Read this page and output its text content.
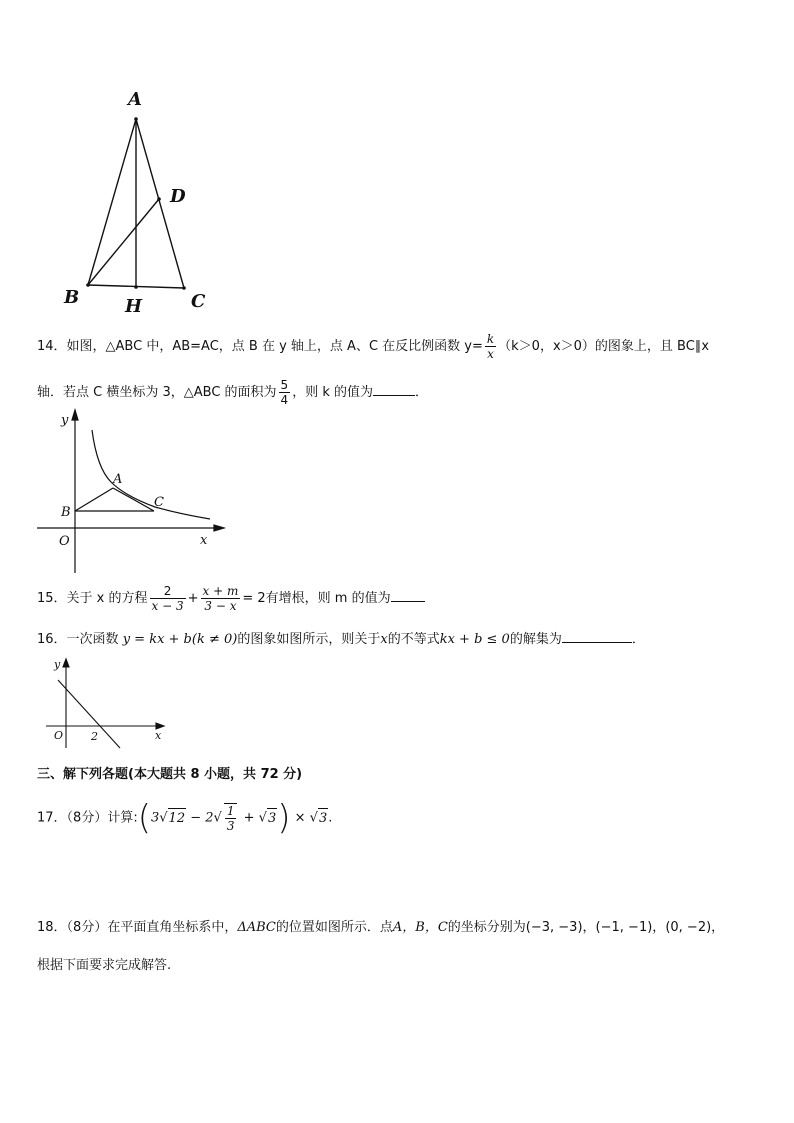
A
D
B	H	C
14．如图，△ABC 中，AB=AC，点 B 在 y 轴上，点 A、C 在反比例函数 $y= \frac{k}{x} (k>0$，x＞0）的图象上，且 BC∥x
轴．若点 C 横坐标为 3，△ABC 的面积为 $\frac{5}{4}$ ，则 k 的值为	．
y
A
C
B
O	x
15．关于 x 的方程 $\frac{2}{x - 3} + \frac{x + m}{3 - x} = 2$有增根，则 m 的值为
16．一次函数 y = kx + b(k ≠ 0)的图象如图所示，则关于x的不等式kx + b ≤ 0的解集为	．
y
O	2	x
三、解下列各题(本大题共 8 小题，共 72 分)
17．（8分）计算:(3√12 − $2√ \frac{1}{3} + √3) \times √3$.
18．（8分）在平面直角坐标系中，ΔABC的位置如图所示．点A，B，C的坐标分别为(−3, −3)，(−1, −1)，(0, −2)，
根据下面要求完成解答.
